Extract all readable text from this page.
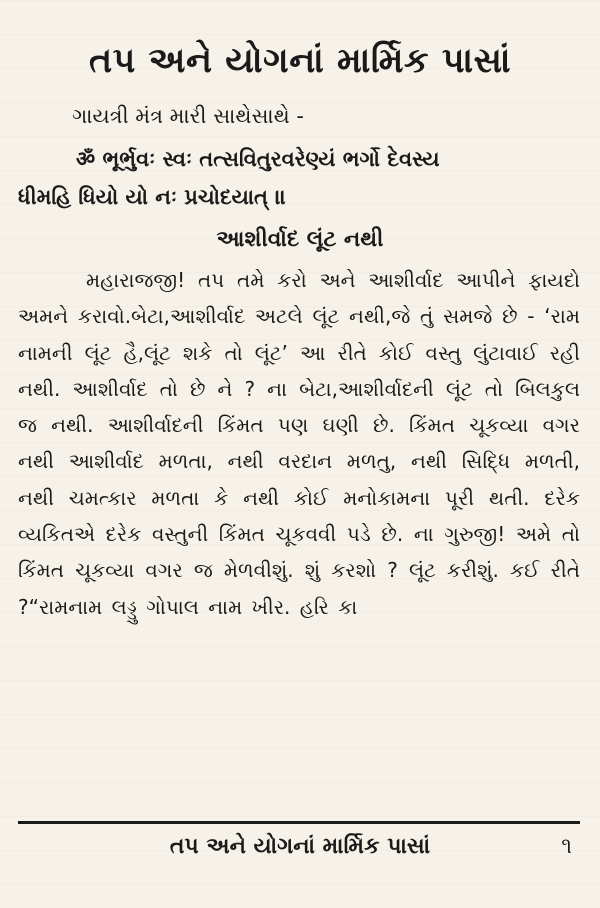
તપ અને યોગનાં માર્મિક પાસાં
ગાયત્રી મંત્ર મારી સાથેસાથે -
ॐ ભૂર્ભુવઃ સ્વઃ તત્સવિતુરવરેણ્યં ભર્ગો દેવસ્ય
ધીમહિ ધિયો યો નઃ પ્રચોદયાત્ ॥
આશીર્વાદ લૂંટ નથી
મહારાજજી! તપ તમે કરો અને આશીર્વાદ આપીને ફાયદો અમને કરાવો.બેટા,આશીર્વાદ અટલે લૂંટ નથી,જે તું સમજે છે - ‘રામ નામની લૂંટ હૈ,લૂંટ શકે તો લૂંટ’ આ રીતે કોઈ વસ્તુ લુંટાવાઈ રહી નથી. આશીર્વાદ તો છે ને ? ના બેટા,આશીર્વાદની લૂંટ તો બિલકુલ જ નથી. આશીર્વાદની કિંમત પણ ઘણી છે. કિંમત ચૂકવ્યા વગર નથી આશીર્વાદ મળતા, નથી વરદાન મળતુ, નથી સિદ્ધિ મળતી, નથી ચમત્કાર મળતા કે નથી કોઈ મનોકામના પૂરી થતી. દરેક વ્યકિતએ દરેક વસ્તુની કિંમત ચૂકવવી પડે છે. ના ગુરુજી! અમે તો કિંમત ચૂકવ્યા વગર જ મેળવીશું. શું કરશો ? લૂંટ કરીશું. કઈ રીતે ?“રામનામ લડ્ડુ ગોપાલ નામ ખીર. હરિ કા
તપ અને યોગનાં માર્મિક પાસાં	૧
